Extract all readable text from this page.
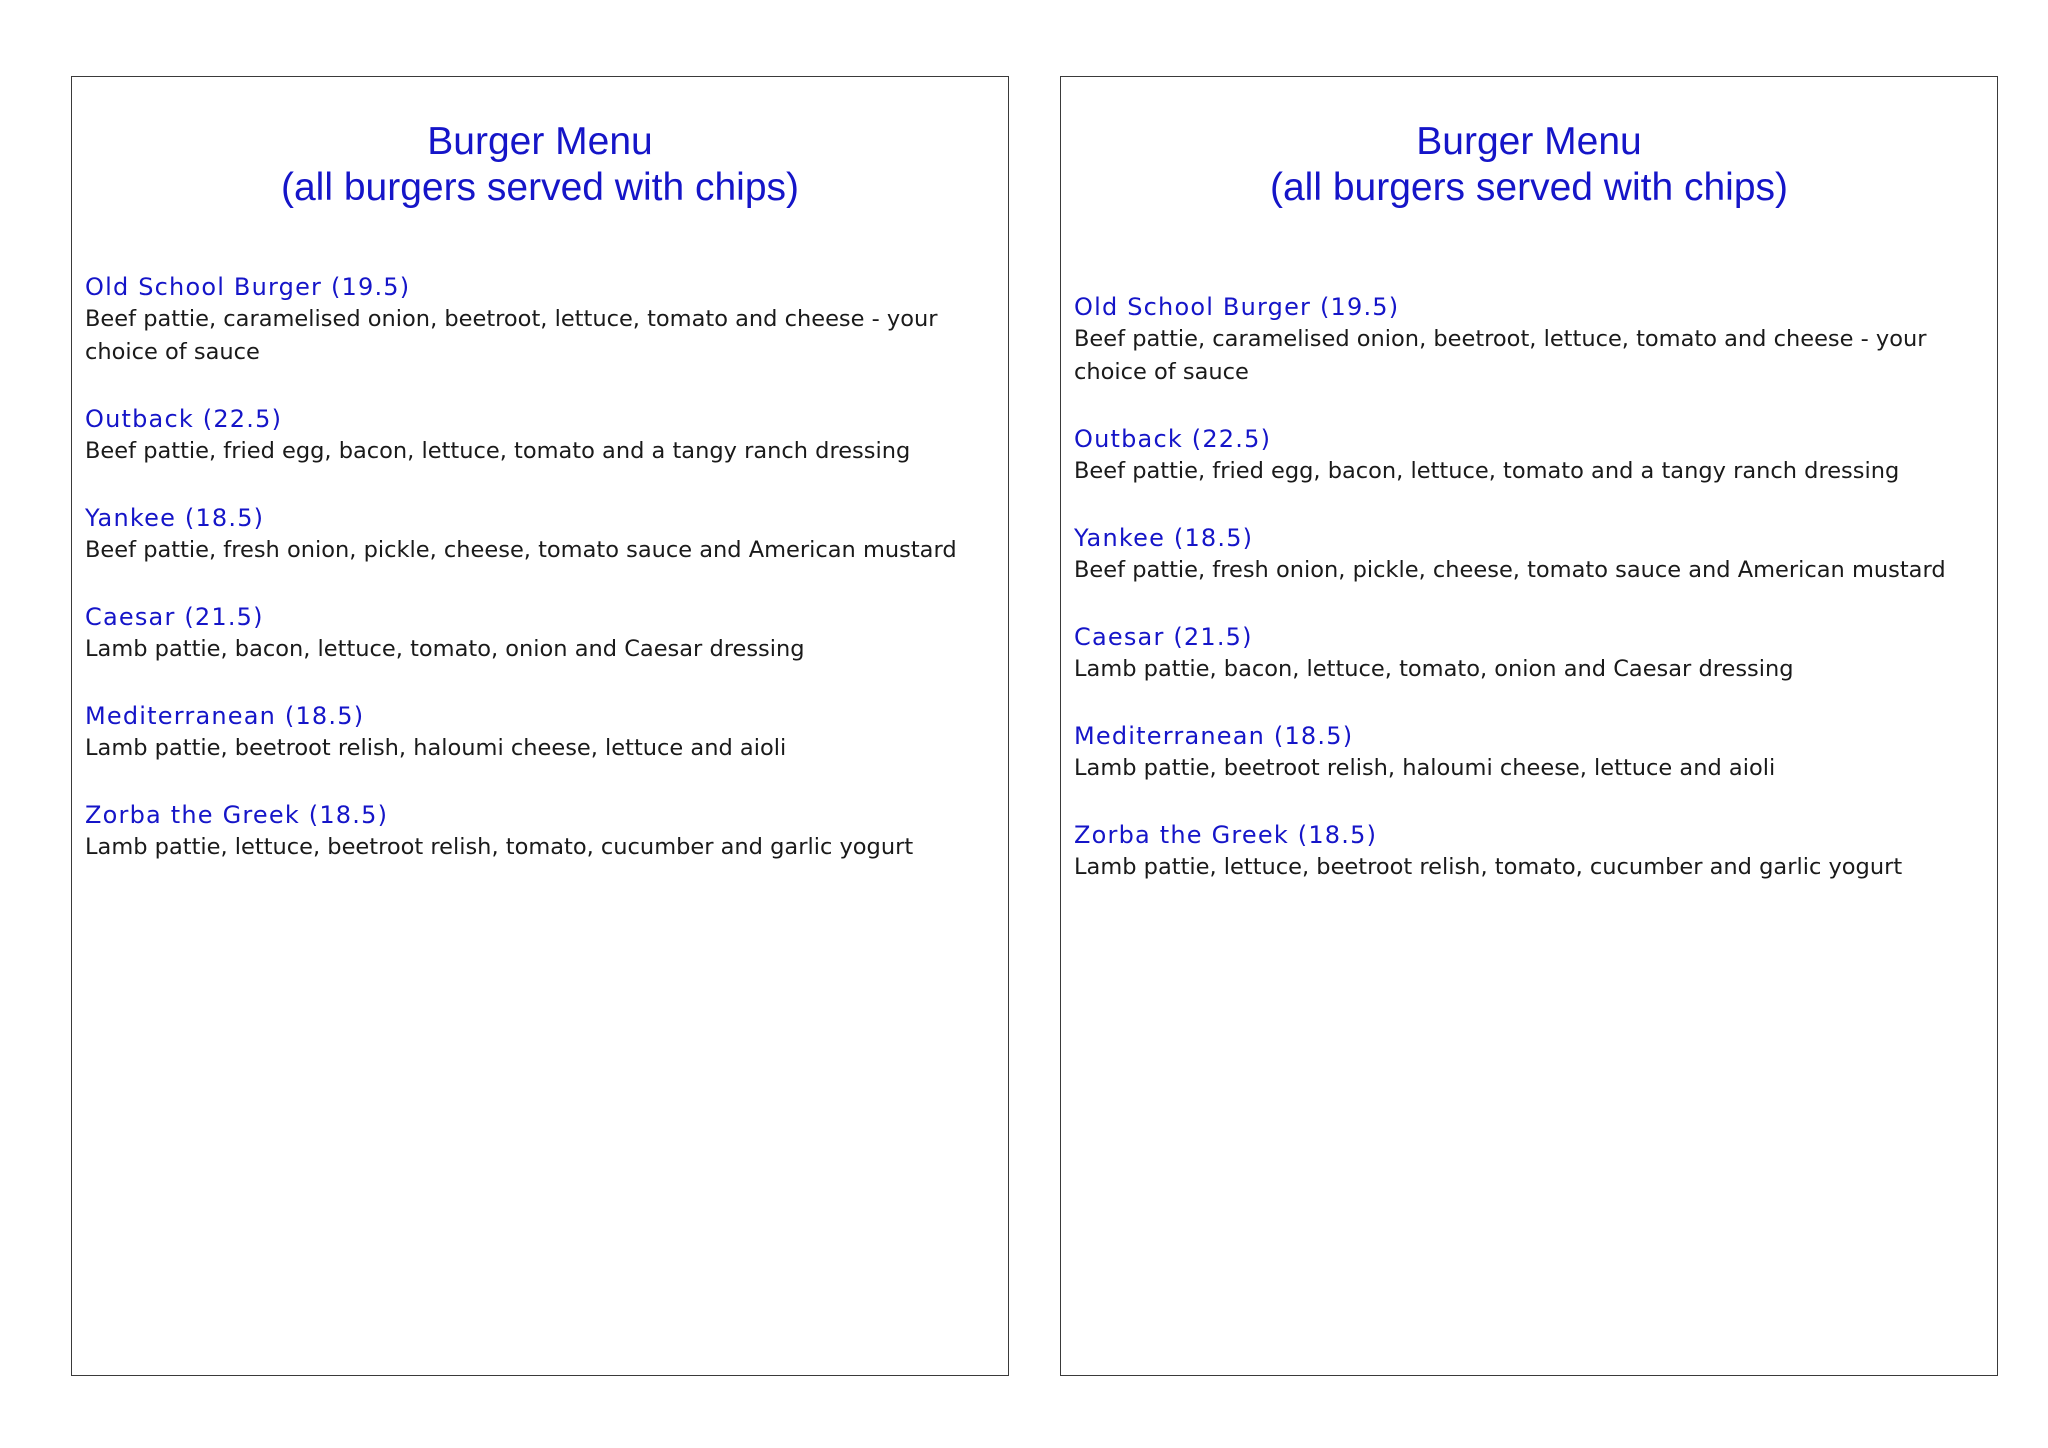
Burger Menu
(all burgers served with chips)

Old School Burger (19.5)

Beef pattie, caramelised onion, beetroot, lettuce, tomato and cheese - your choice of sauce

Outback (22.5)

Beef pattie, fried egg, bacon, lettuce, tomato and a tangy ranch dressing

Yankee (18.5)

Beef pattie, fresh onion, pickle, cheese, tomato sauce and American mustard

Caesar (21.5)

Lamb pattie, bacon, lettuce, tomato, onion and Caesar dressing

Mediterranean (18.5)

Lamb pattie, beetroot relish, haloumi cheese, lettuce and aioli

Zorba the Greek (18.5)

Lamb pattie, lettuce, beetroot relish, tomato, cucumber and garlic yogurt

Burger Menu
(all burgers served with chips)

Old School Burger (19.5)

Beef pattie, caramelised onion, beetroot, lettuce, tomato and cheese - your choice of sauce

Outback (22.5)

Beef pattie, fried egg, bacon, lettuce, tomato and a tangy ranch dressing

Yankee (18.5)

Beef pattie, fresh onion, pickle, cheese, tomato sauce and American mustard

Caesar (21.5)

Lamb pattie, bacon, lettuce, tomato, onion and Caesar dressing

Mediterranean (18.5)

Lamb pattie, beetroot relish, haloumi cheese, lettuce and aioli

Zorba the Greek (18.5)

Lamb pattie, lettuce, beetroot relish, tomato, cucumber and garlic yogurt
